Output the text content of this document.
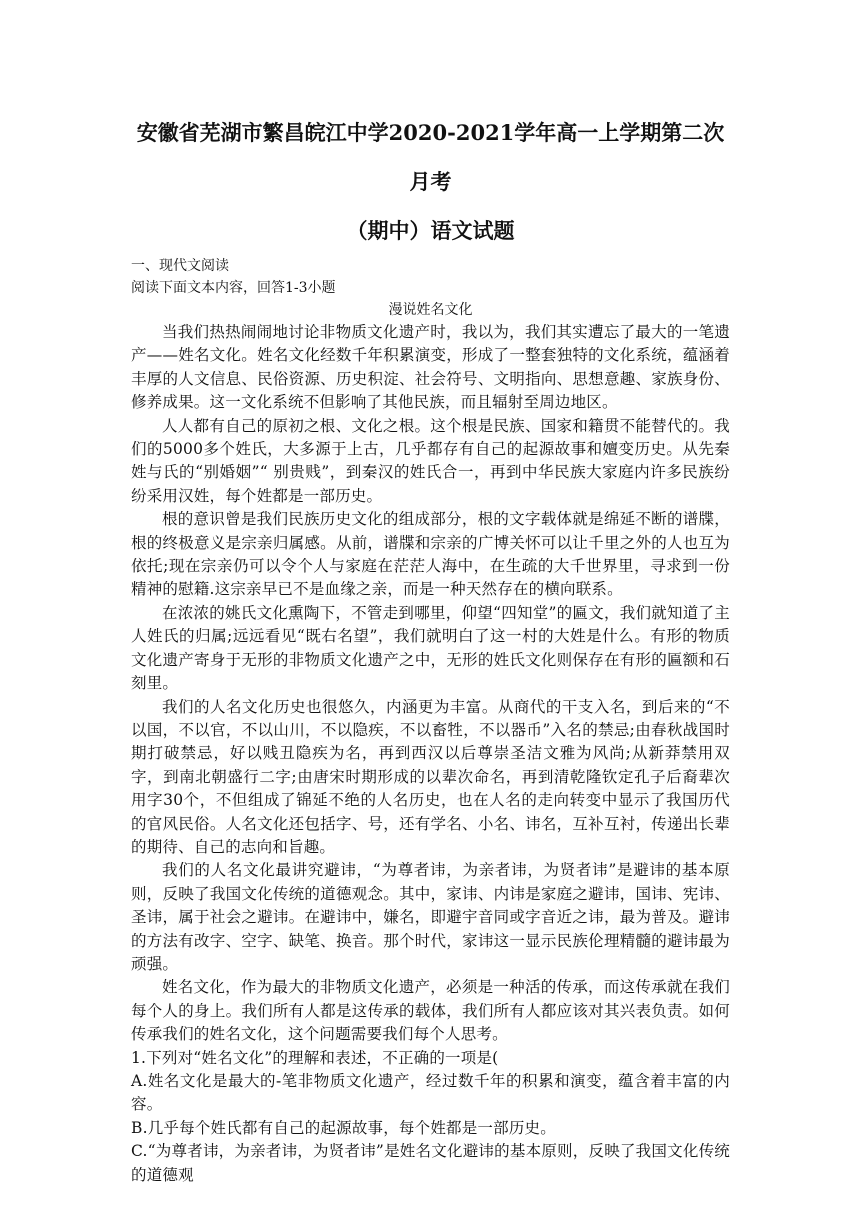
安徽省芜湖市繁昌皖江中学2020-2021学年高一上学期第二次月考
（期中）语文试题
一、现代文阅读
阅读下面文本内容，回答1-3小题
漫说姓名文化

当我们热热闹闹地讨论非物质文化遗产时，我以为，我们其实遭忘了最大的一笔遗产——姓名文化。姓名文化经数千年积累演变，形成了一整套独特的文化系统，蕴涵着丰厚的人文信息、民俗资源、历史积淀、社会符号、文明指向、思想意趣、家族身份、修养成果。这一文化系统不但影响了其他民族，而且辐射至周边地区。

人人都有自己的原初之根、文化之根。这个根是民族、国家和籍贯不能替代的。我们的5000多个姓氏，大多源于上古，几乎都存有自己的起源故事和嬗变历史。从先秦姓与氏的“别婚姻”“ 别贵贱”，到秦汉的姓氏合一，再到中华民族大家庭内许多民族纷纷采用汉姓，每个姓都是一部历史。

根的意识曾是我们民族历史文化的组成部分，根的文字载体就是绵延不断的谱牒，根的终极意义是宗亲归属感。从前，谱牒和宗亲的广博关怀可以让千里之外的人也互为依托;现在宗亲仍可以令个人与家庭在茫茫人海中，在生疏的大千世界里，寻求到一份精神的慰籍.这宗亲早已不是血缘之亲，而是一种天然存在的横向联系。

在浓浓的姚氏文化熏陶下，不管走到哪里，仰望“四知堂”的匾文，我们就知道了主人姓氏的归属;远远看见“既右名望”，我们就明白了这一村的大姓是什么。有形的物质文化遗产寄身于无形的非物质文化遗产之中，无形的姓氏文化则保存在有形的匾额和石刻里。

我们的人名文化历史也很悠久，内涵更为丰富。从商代的干支入名，到后来的“不以国，不以官，不以山川，不以隐疾，不以畜牲，不以器币”入名的禁忌;由春秋战国时期打破禁忌，好以贱丑隐疾为名，再到西汉以后尊崇圣洁文雅为风尚;从新莽禁用双字，到南北朝盛行二字;由唐宋时期形成的以辈次命名，再到清乾隆钦定孔子后裔辈次用字30个，不但组成了锦延不绝的人名历史，也在人名的走向转变中显示了我国历代的官风民俗。人名文化还包括字、号，还有学名、小名、讳名，互补互衬，传递出长辈的期待、自己的志向和旨趣。

我们的人名文化最讲究避讳，“为尊者讳，为亲者讳，为贤者讳”是避讳的基本原则，反映了我国文化传统的道德观念。其中，家讳、内讳是家庭之避讳，国讳、宪讳、圣讳，属于社会之避讳。在避讳中，嫌名，即避宇音同或字音近之讳，最为普及。避讳的方法有改字、空字、缺笔、换音。那个时代，家讳这一显示民族伦理精髓的避讳最为顽强。

姓名文化，作为最大的非物质文化遗产，必须是一种活的传承，而这传承就在我们每个人的身上。我们所有人都是这传承的载体，我们所有人都应该对其兴表负责。如何传承我们的姓名文化，这个问题需要我们每个人思考。

1.下列对“姓名文化”的理解和表述，不正确的一项是(

A.姓名文化是最大的-笔非物质文化遗产，经过数千年的积累和演变，蕴含着丰富的内容。

B.几乎每个姓氏都有自己的起源故事，每个姓都是一部历史。

C.“为尊者讳，为亲者讳，为贤者讳”是姓名文化避讳的基本原则，反映了我国文化传统的道德观
